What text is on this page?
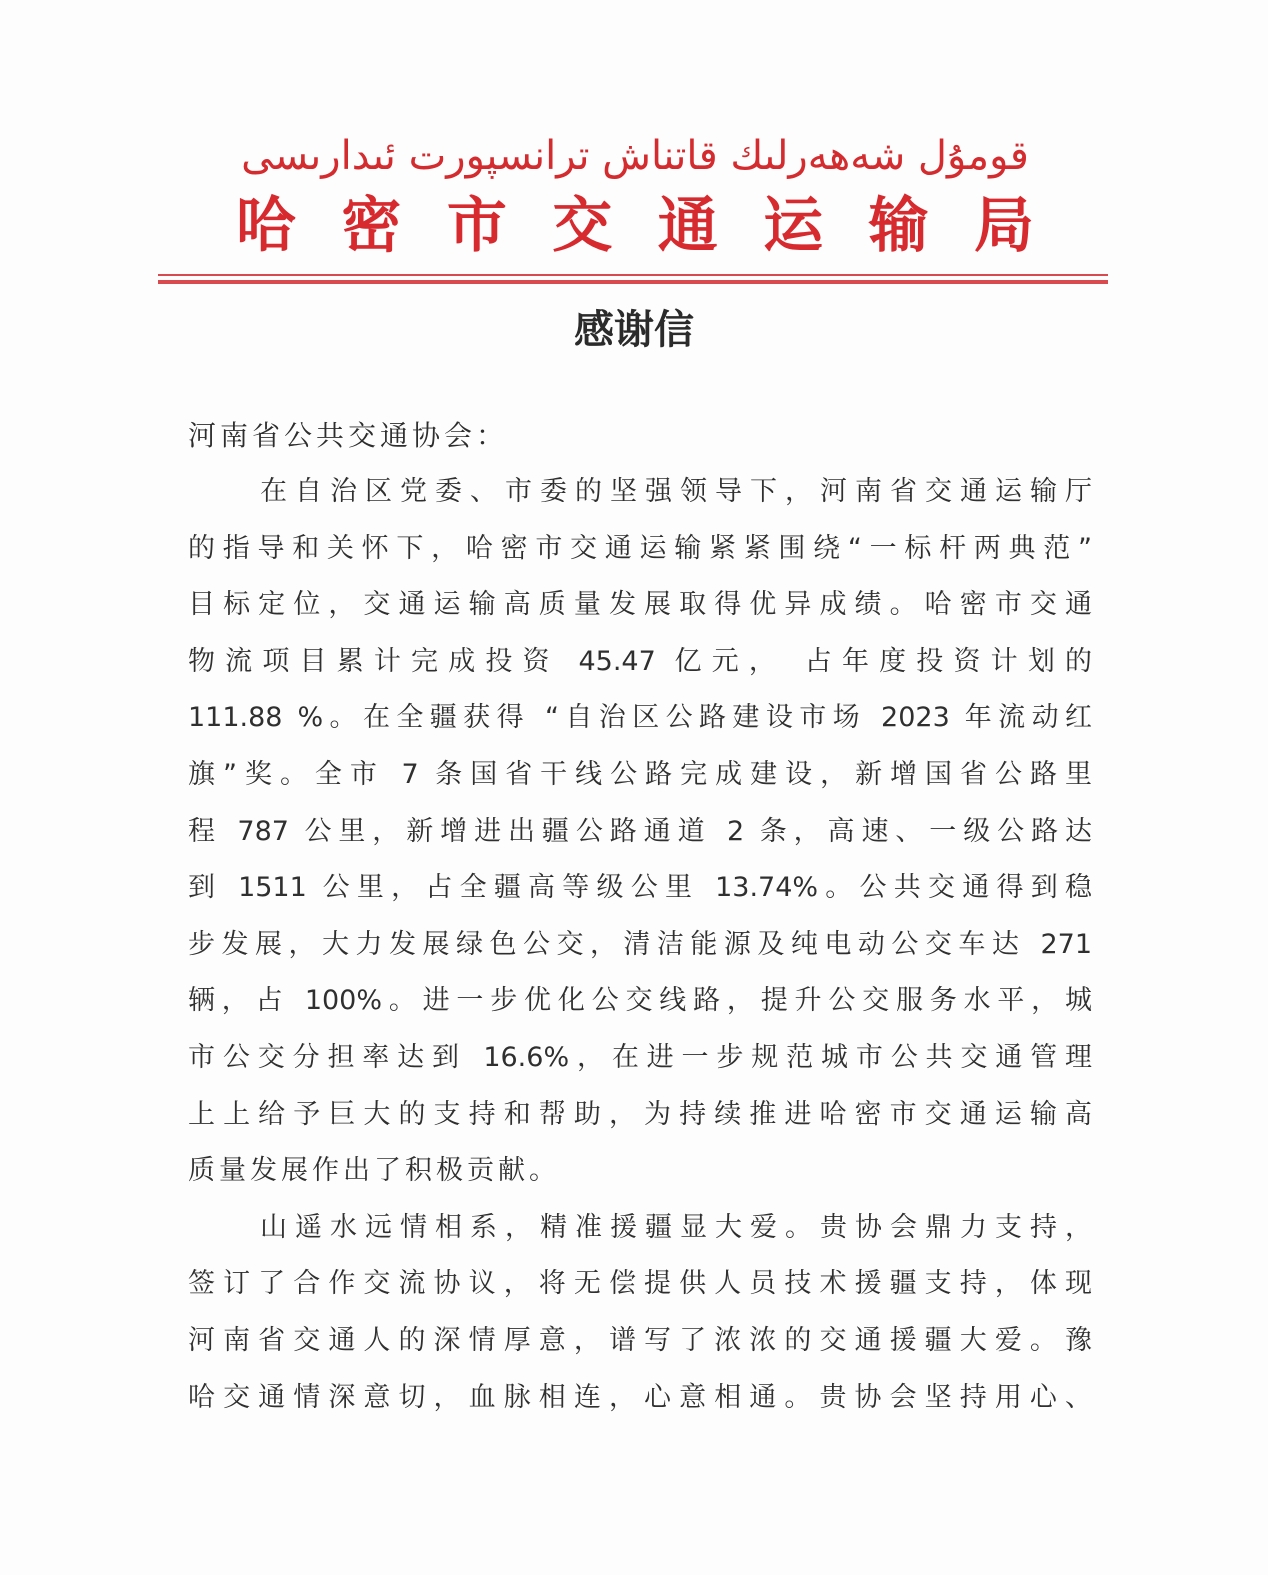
قومۇل شەھەرلىك قاتناش ترانسپورت ئىدارىسى
哈 密 市 交 通 运 输 局
感谢信
河南省公共交通协会：
在自治区党委、市委的坚强领导下，河南省交通运输厅
的指导和关怀下，哈密市交通运输紧紧围绕“一标杆两典范”
目标定位，交通运输高质量发展取得优异成绩。哈密市交通
物流项目累计完成投资 45.47 亿元， 占年度投资计划的
111.88 %。在全疆获得 “自治区公路建设市场 2023 年流动红
旗”奖。全市 7 条国省干线公路完成建设，新增国省公路里
程 787 公里，新增进出疆公路通道 2 条，高速、一级公路达
到 1511 公里，占全疆高等级公里 13.74%。公共交通得到稳
步发展，大力发展绿色公交，清洁能源及纯电动公交车达 271
辆，占 100%。进一步优化公交线路，提升公交服务水平，城
市公交分担率达到 16.6%，在进一步规范城市公共交通管理
上上给予巨大的支持和帮助，为持续推进哈密市交通运输高
质量发展作出了积极贡献。
山遥水远情相系，精准援疆显大爱。贵协会鼎力支持，
签订了合作交流协议，将无偿提供人员技术援疆支持，体现
河南省交通人的深情厚意，谱写了浓浓的交通援疆大爱。豫
哈交通情深意切，血脉相连，心意相通。贵协会坚持用心、
